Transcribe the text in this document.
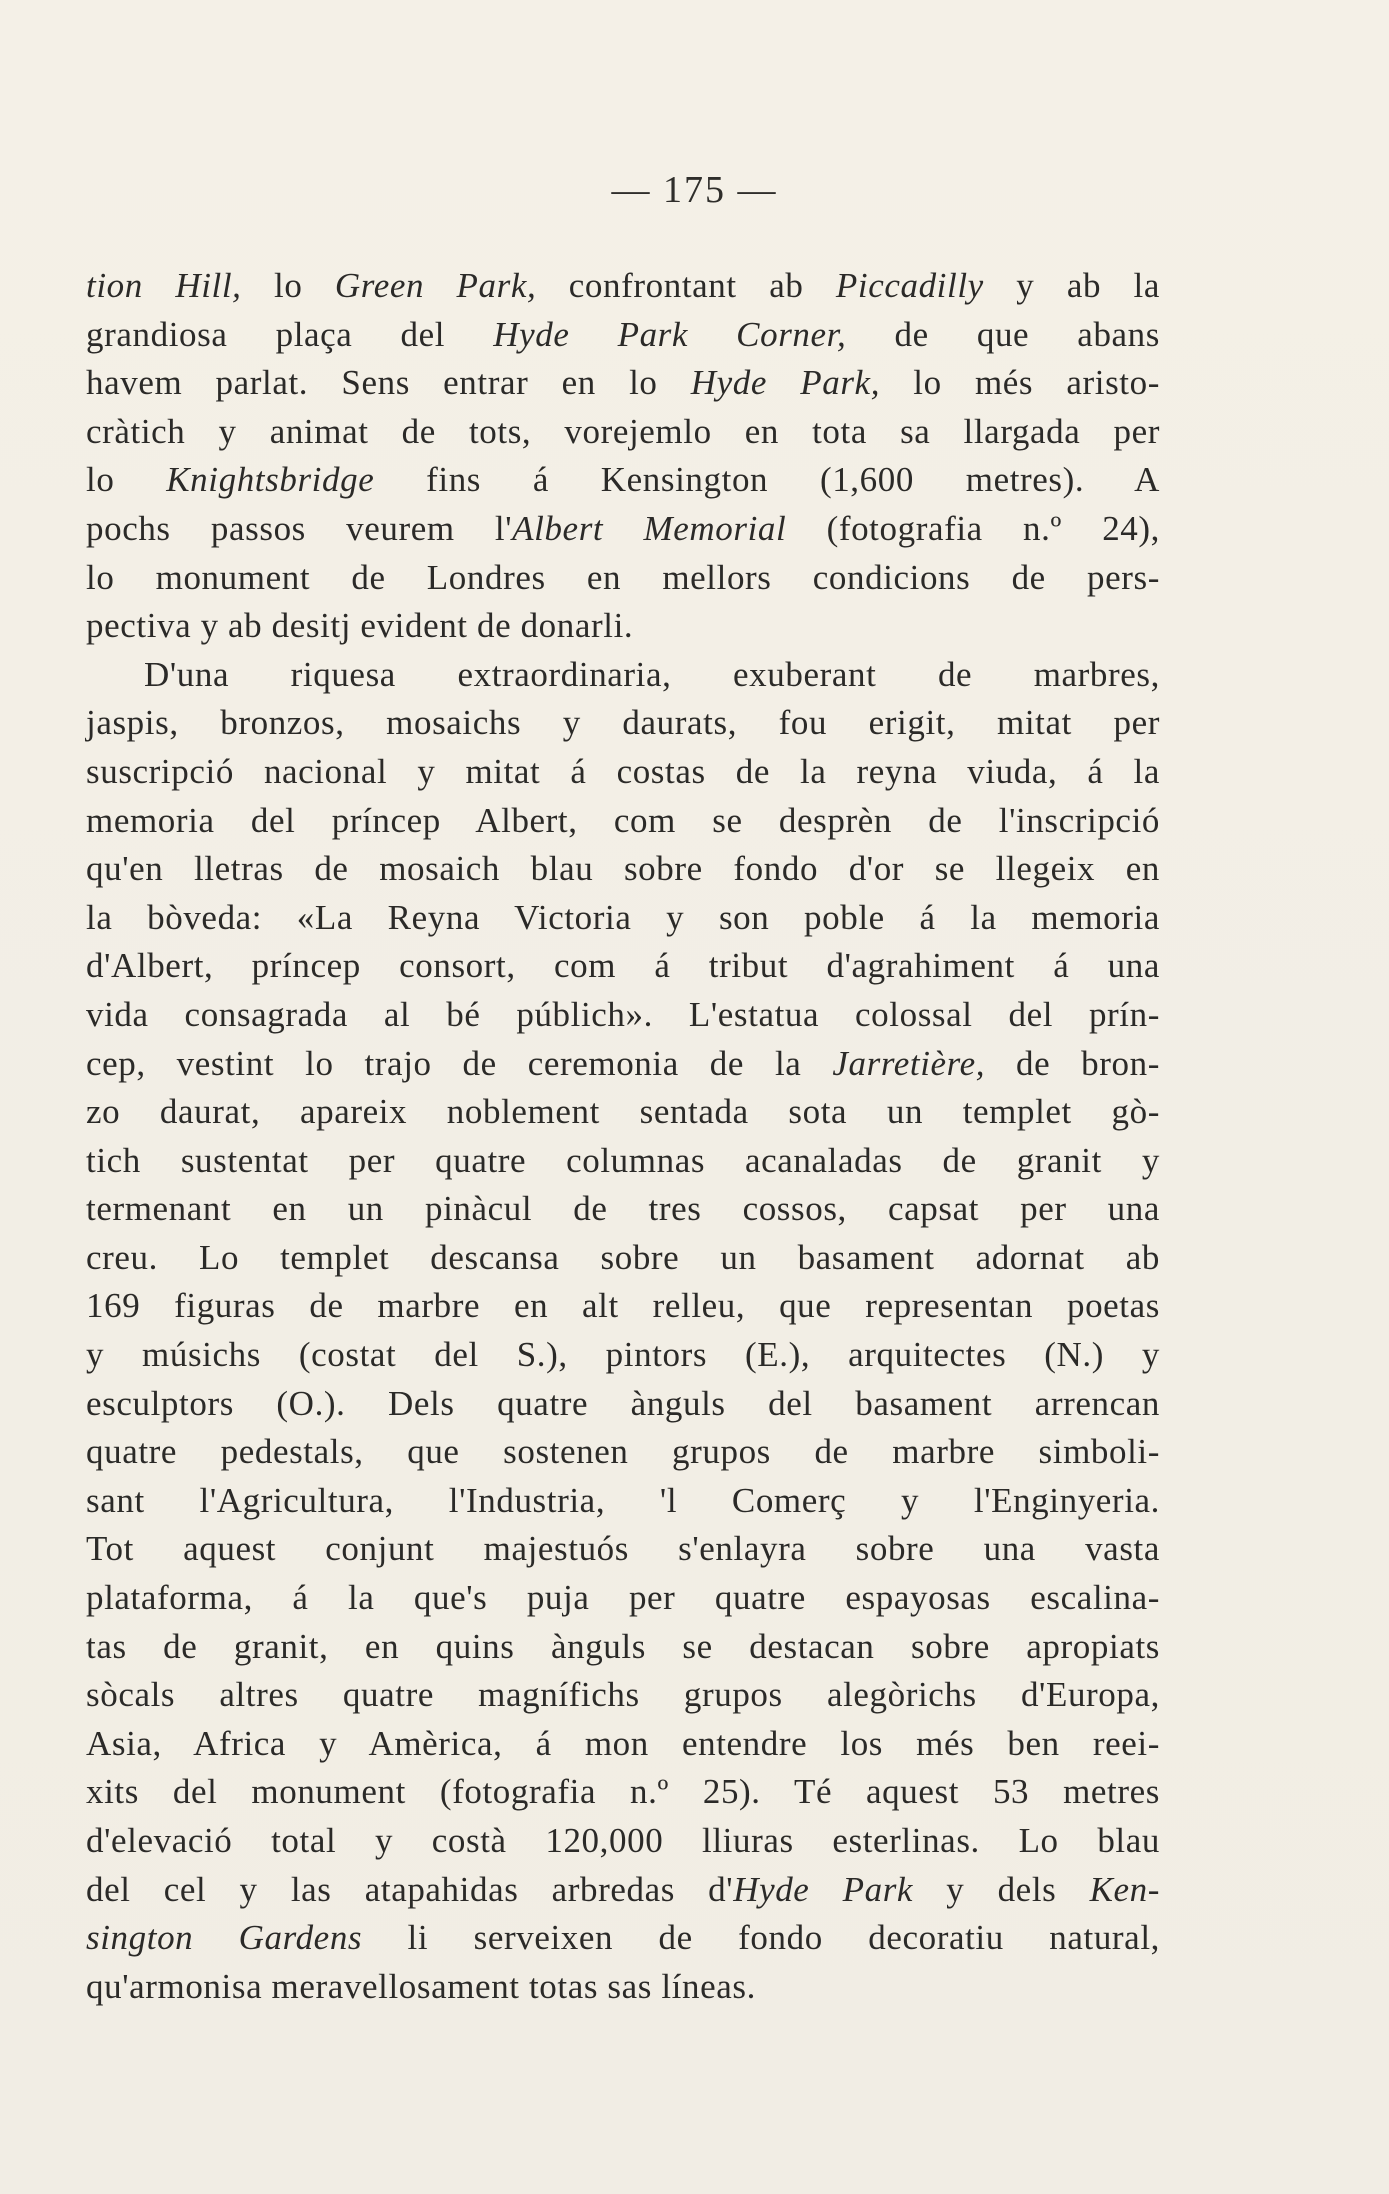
— 175 —
tion Hill, lo Green Park, confrontant ab Piccadilly y ab la
grandiosa plaça del Hyde Park Corner, de que abans
havem parlat. Sens entrar en lo Hyde Park, lo més aristo-
cràtich y animat de tots, vorejemlo en tota sa llargada per
lo Knightsbridge fins á Kensington (1,600 metres). A
pochs passos veurem l'Albert Memorial (fotografia n.º 24),
lo monument de Londres en mellors condicions de pers-
pectiva y ab desitj evident de donarli.
D'una riquesa extraordinaria, exuberant de marbres,
jaspis, bronzos, mosaichs y daurats, fou erigit, mitat per
suscripció nacional y mitat á costas de la reyna viuda, á la
memoria del príncep Albert, com se desprèn de l'inscripció
qu'en lletras de mosaich blau sobre fondo d'or se llegeix en
la bòveda: «La Reyna Victoria y son poble á la memoria
d'Albert, príncep consort, com á tribut d'agrahiment á una
vida consagrada al bé públich». L'estatua colossal del prín-
cep, vestint lo trajo de ceremonia de la Jarretière, de bron-
zo daurat, apareix noblement sentada sota un templet gò-
tich sustentat per quatre columnas acanaladas de granit y
termenant en un pinàcul de tres cossos, capsat per una
creu. Lo templet descansa sobre un basament adornat ab
169 figuras de marbre en alt relleu, que representan poetas
y músichs (costat del S.), pintors (E.), arquitectes (N.) y
esculptors (O.). Dels quatre ànguls del basament arrencan
quatre pedestals, que sostenen grupos de marbre simboli-
sant l'Agricultura, l'Industria, 'l Comerç y l'Enginyeria.
Tot aquest conjunt majestuós s'enlayra sobre una vasta
plataforma, á la que's puja per quatre espayosas escalina-
tas de granit, en quins ànguls se destacan sobre apropiats
sòcals altres quatre magnífichs grupos alegòrichs d'Europa,
Asia, Africa y Amèrica, á mon entendre los més ben reei-
xits del monument (fotografia n.º 25). Té aquest 53 metres
d'elevació total y costà 120,000 lliuras esterlinas. Lo blau
del cel y las atapahidas arbredas d'Hyde Park y dels Ken-
sington Gardens li serveixen de fondo decoratiu natural,
qu'armonisa meravellosament totas sas líneas.
